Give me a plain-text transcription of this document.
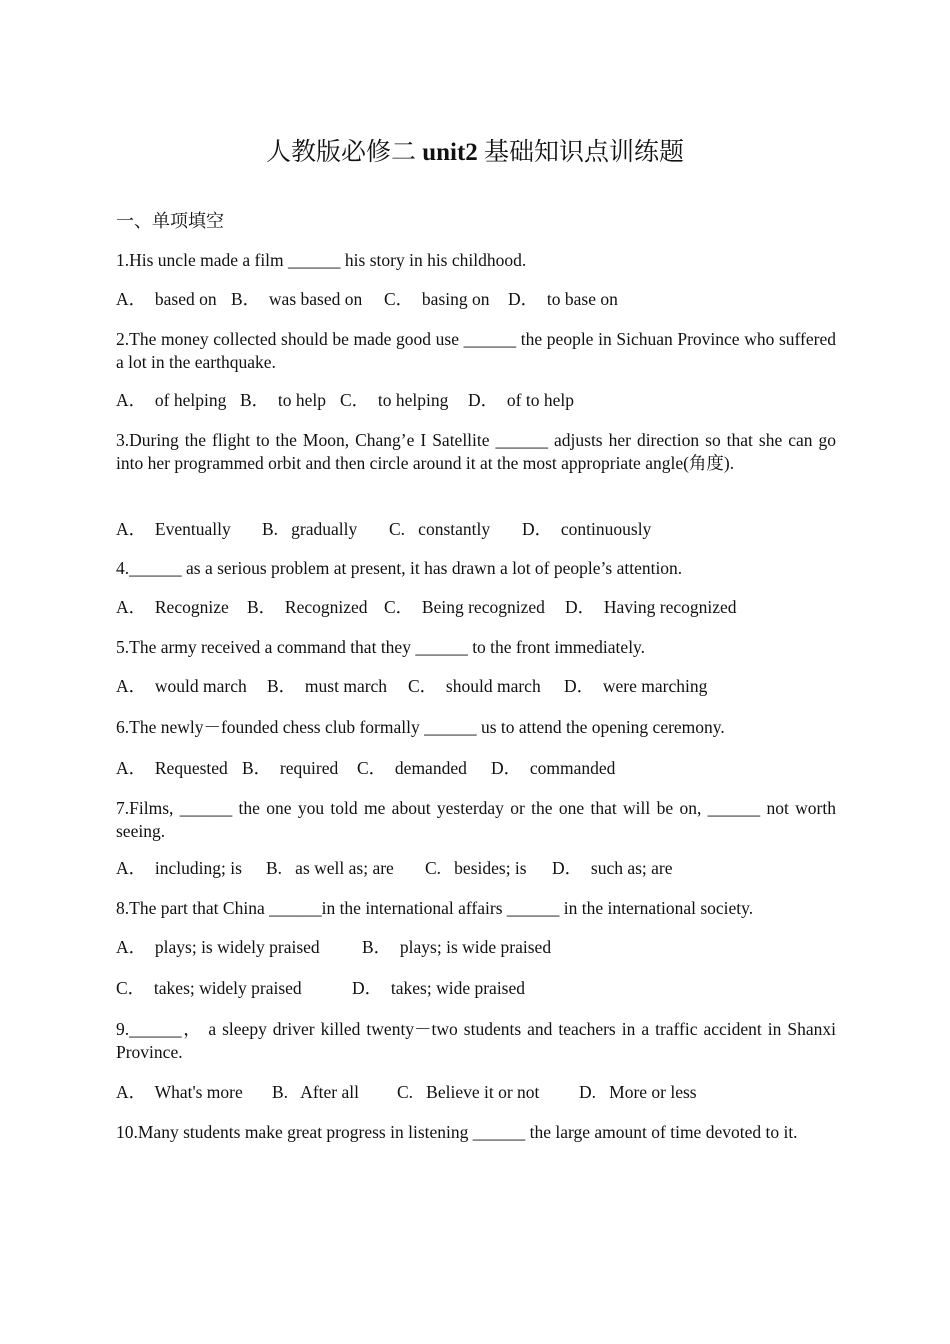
人教版必修二 unit2 基础知识点训练题
一、单项填空
1.His uncle made a film ______ his story in his childhood.
A．  based on B．  was based on C．  basing on D．  to base on
2.The money collected should be made good use ______ the people in Sichuan Province who suffered a lot in the earthquake.
A．  of helping B．  to help C．  to helping D．  of to help
3.During the flight to the Moon, Chang’e I Satellite ______ adjusts her direction so that she can go into her programmed orbit and then circle around it at the most appropriate angle(角度).
A．  Eventually B.   gradually C.   constantly D．  continuously
4.______ as a serious problem at present, it has drawn a lot of people’s attention.
A．  Recognize B．  Recognized C．  Being recognized D．  Having recognized
5.The army received a command that they ______ to the front immediately.
A．  would march B．  must march C．  should march D．  were marching
6.The newly－founded chess club formally ______ us to attend the opening ceremony.
A．  Requested B．  required C．  demanded D．  commanded
7.Films, ______ the one you told me about yesterday or the one that will be on, ______ not worth seeing.
A．  including; is B.   as well as; are C.   besides; is D．  such as; are
8.The part that China ______in the international affairs ______ in the international society.
A．  plays; is widely praised B．  plays; is wide praised
C．  takes; widely praised	D．  takes; wide praised
9.______， a sleepy driver killed twenty－two students and teachers in a traffic accident in Shanxi Province.
A．  What's more B.   After all C.   Believe it or not D.   More or less
10.Many students make great progress in listening ______ the large amount of time devoted to it.
